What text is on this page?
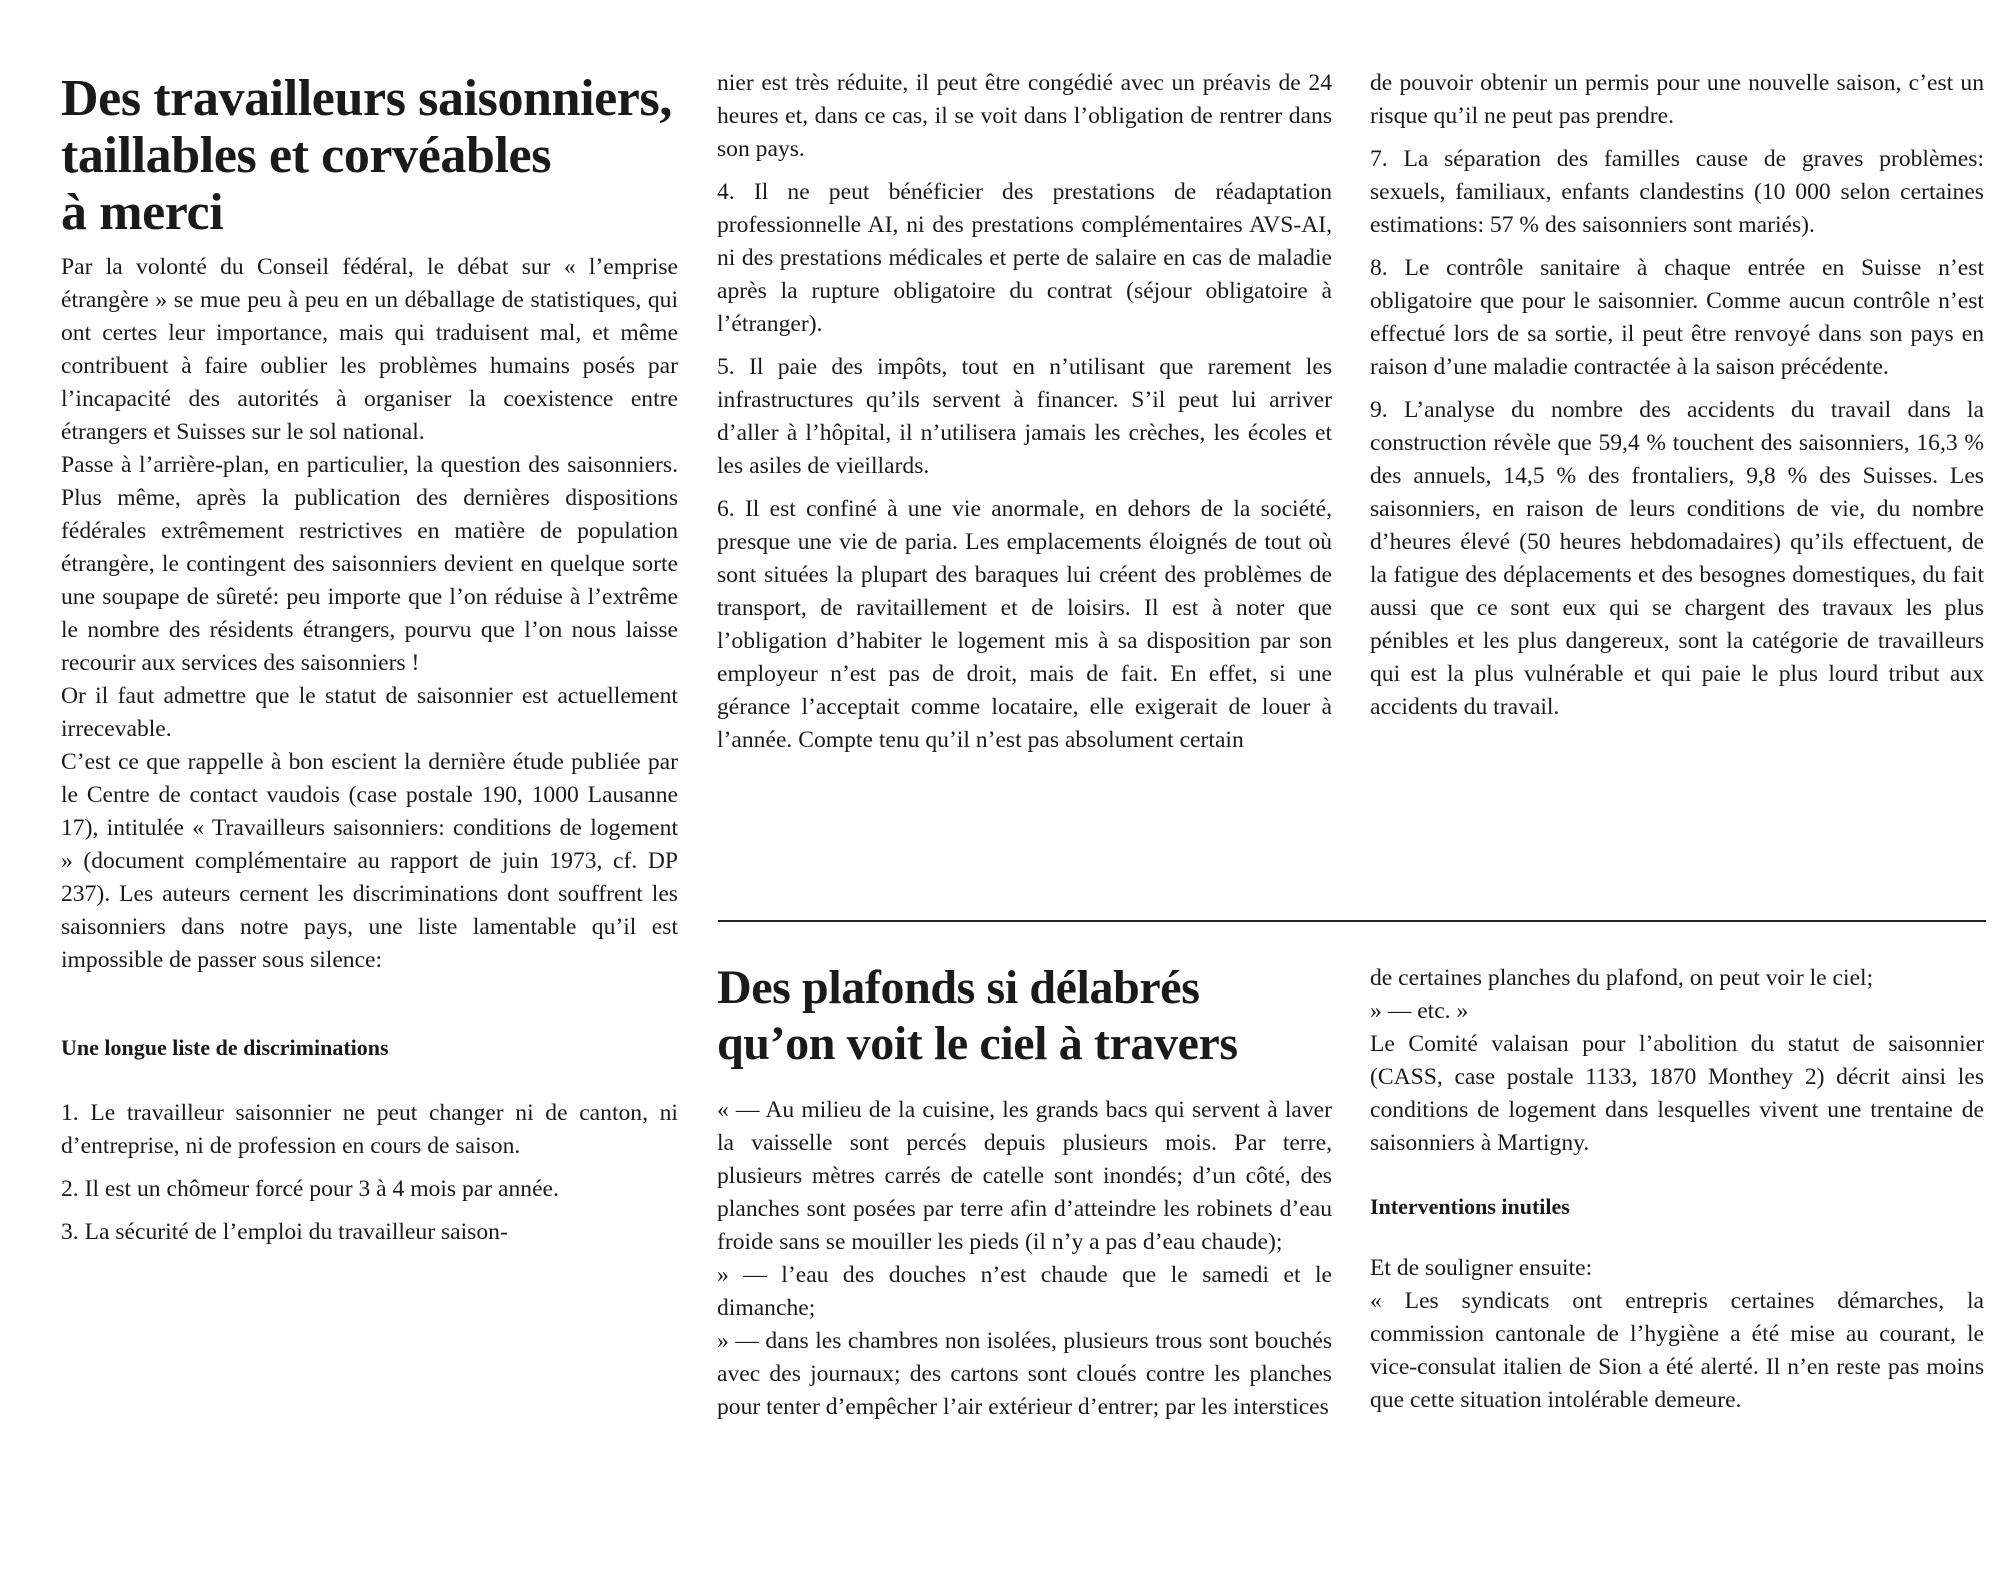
Des travailleurs saisonniers,
taillables et corvéables
à merci

Par la volonté du Conseil fédéral, le débat sur « l’emprise étrangère » se mue peu à peu en un déballage de statistiques, qui ont certes leur importance, mais qui traduisent mal, et même contribuent à faire oublier les problèmes humains posés par l’incapacité des autorités à organiser la coexistence entre étrangers et Suisses sur le sol national.

Passe à l’arrière-plan, en particulier, la question des saisonniers. Plus même, après la publication des dernières dispositions fédérales extrêmement restrictives en matière de population étrangère, le contingent des saisonniers devient en quelque sorte une soupape de sûreté: peu importe que l’on réduise à l’extrême le nombre des résidents étrangers, pourvu que l’on nous laisse recourir aux services des saisonniers !

Or il faut admettre que le statut de saisonnier est actuellement irrecevable.

C’est ce que rappelle à bon escient la dernière étude publiée par le Centre de contact vaudois (case postale 190, 1000 Lausanne 17), intitulée « Travailleurs saisonniers: conditions de logement » (document complémentaire au rapport de juin 1973, cf. DP 237). Les auteurs cernent les discriminations dont souffrent les saisonniers dans notre pays, une liste lamentable qu’il est impossible de passer sous silence:

Une longue liste de discriminations

1. Le travailleur saisonnier ne peut changer ni de canton, ni d’entreprise, ni de profession en cours de saison.

2. Il est un chômeur forcé pour 3 à 4 mois par année.

3. La sécurité de l’emploi du travailleur saison-

nier est très réduite, il peut être congédié avec un préavis de 24 heures et, dans ce cas, il se voit dans l’obligation de rentrer dans son pays.

4. Il ne peut bénéficier des prestations de réadaptation professionnelle AI, ni des prestations complémentaires AVS-AI, ni des prestations médicales et perte de salaire en cas de maladie après la rupture obligatoire du contrat (séjour obligatoire à l’étranger).

5. Il paie des impôts, tout en n’utilisant que rarement les infrastructures qu’ils servent à financer. S’il peut lui arriver d’aller à l’hôpital, il n’utilisera jamais les crèches, les écoles et les asiles de vieillards.

6. Il est confiné à une vie anormale, en dehors de la société, presque une vie de paria. Les emplacements éloignés de tout où sont situées la plupart des baraques lui créent des problèmes de transport, de ravitaillement et de loisirs. Il est à noter que l’obligation d’habiter le logement mis à sa disposition par son employeur n’est pas de droit, mais de fait. En effet, si une gérance l’acceptait comme locataire, elle exigerait de louer à l’année. Compte tenu qu’il n’est pas absolument certain

de pouvoir obtenir un permis pour une nouvelle saison, c’est un risque qu’il ne peut pas prendre.

7. La séparation des familles cause de graves problèmes: sexuels, familiaux, enfants clandestins (10 000 selon certaines estimations: 57 % des saisonniers sont mariés).

8. Le contrôle sanitaire à chaque entrée en Suisse n’est obligatoire que pour le saisonnier. Comme aucun contrôle n’est effectué lors de sa sortie, il peut être renvoyé dans son pays en raison d’une maladie contractée à la saison précédente.

9. L’analyse du nombre des accidents du travail dans la construction révèle que 59,4 % touchent des saisonniers, 16,3 % des annuels, 14,5 % des frontaliers, 9,8 % des Suisses. Les saisonniers, en raison de leurs conditions de vie, du nombre d’heures élevé (50 heures hebdomadaires) qu’ils effectuent, de la fatigue des déplacements et des besognes domestiques, du fait aussi que ce sont eux qui se chargent des travaux les plus pénibles et les plus dangereux, sont la catégorie de travailleurs qui est la plus vulnérable et qui paie le plus lourd tribut aux accidents du travail.

Des plafonds si délabrés
qu’on voit le ciel à travers

« — Au milieu de la cuisine, les grands bacs qui servent à laver la vaisselle sont percés depuis plusieurs mois. Par terre, plusieurs mètres carrés de catelle sont inondés; d’un côté, des planches sont posées par terre afin d’atteindre les robinets d’eau froide sans se mouiller les pieds (il n’y a pas d’eau chaude);

» — l’eau des douches n’est chaude que le samedi et le dimanche;

» — dans les chambres non isolées, plusieurs trous sont bouchés avec des journaux; des cartons sont cloués contre les planches pour tenter d’empêcher l’air extérieur d’entrer; par les interstices

de certaines planches du plafond, on peut voir le ciel;

» — etc. »

Le Comité valaisan pour l’abolition du statut de saisonnier (CASS, case postale 1133, 1870 Monthey 2) décrit ainsi les conditions de logement dans lesquelles vivent une trentaine de saisonniers à Martigny.

Interventions inutiles

Et de souligner ensuite:

« Les syndicats ont entrepris certaines démarches, la commission cantonale de l’hygiène a été mise au courant, le vice-consulat italien de Sion a été alerté. Il n’en reste pas moins que cette situation intolérable demeure.
